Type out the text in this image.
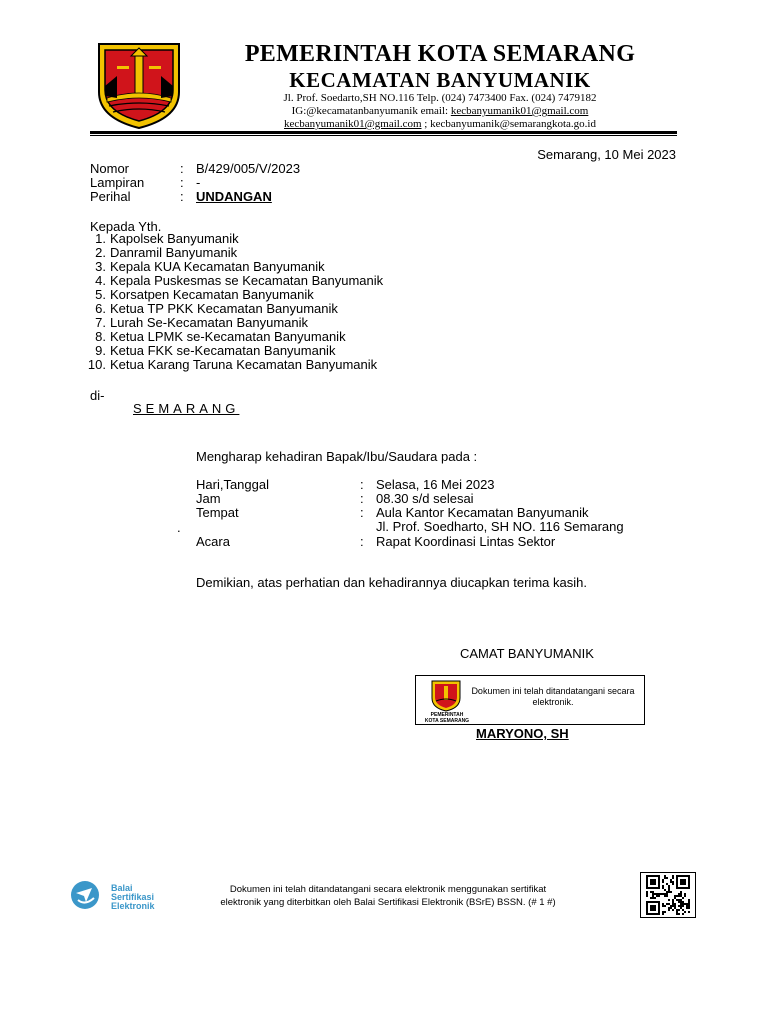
PEMERINTAH KOTA SEMARANG
KECAMATAN BANYUMANIK
Jl. Prof. Soedarto,SH NO.116 Telp. (024) 7473400 Fax. (024) 7479182
IG:@kecamatanbanyumanik email: kecbanyumanik01@gmail.com
kecbanyumanik01@gmail.com ; kecbanyumanik@semarangkota.go.id
Semarang, 10 Mei 2023
Nomor	: B/429/005/V/2023
Lampiran	: -
Perihal	: UNDANGAN
Kepada Yth.
1. Kapolsek Banyumanik
2. Danramil Banyumanik
3. Kepala KUA Kecamatan Banyumanik
4. Kepala Puskesmas se Kecamatan Banyumanik
5. Korsatpen Kecamatan Banyumanik
6. Ketua TP PKK Kecamatan Banyumanik
7. Lurah Se-Kecamatan Banyumanik
8. Ketua LPMK se-Kecamatan Banyumanik
9. Ketua FKK se-Kecamatan Banyumanik
10. Ketua Karang Taruna Kecamatan Banyumanik
di-
SEMARANG
Mengharap kehadiran Bapak/Ibu/Saudara pada :
Hari,Tanggal	: Selasa, 16 Mei 2023
Jam	: 08.30 s/d selesai
Tempat	: Aula Kantor Kecamatan Banyumanik
Jl. Prof. Soedharto, SH NO. 116 Semarang
.
Acara	: Rapat Koordinasi Lintas Sektor
Demikian, atas perhatian dan kehadirannya diucapkan terima kasih.
CAMAT BANYUMANIK
PEMERINTAH
KOTA SEMARANG
Dokumen ini telah ditandatangani secara elektronik.
MARYONO, SH
Balai
Sertifikasi
Elektronik
Dokumen ini telah ditandatangani secara elektronik menggunakan sertifikat
elektronik yang diterbitkan oleh Balai Sertifikasi Elektronik (BSrE) BSSN. (# 1 #)
